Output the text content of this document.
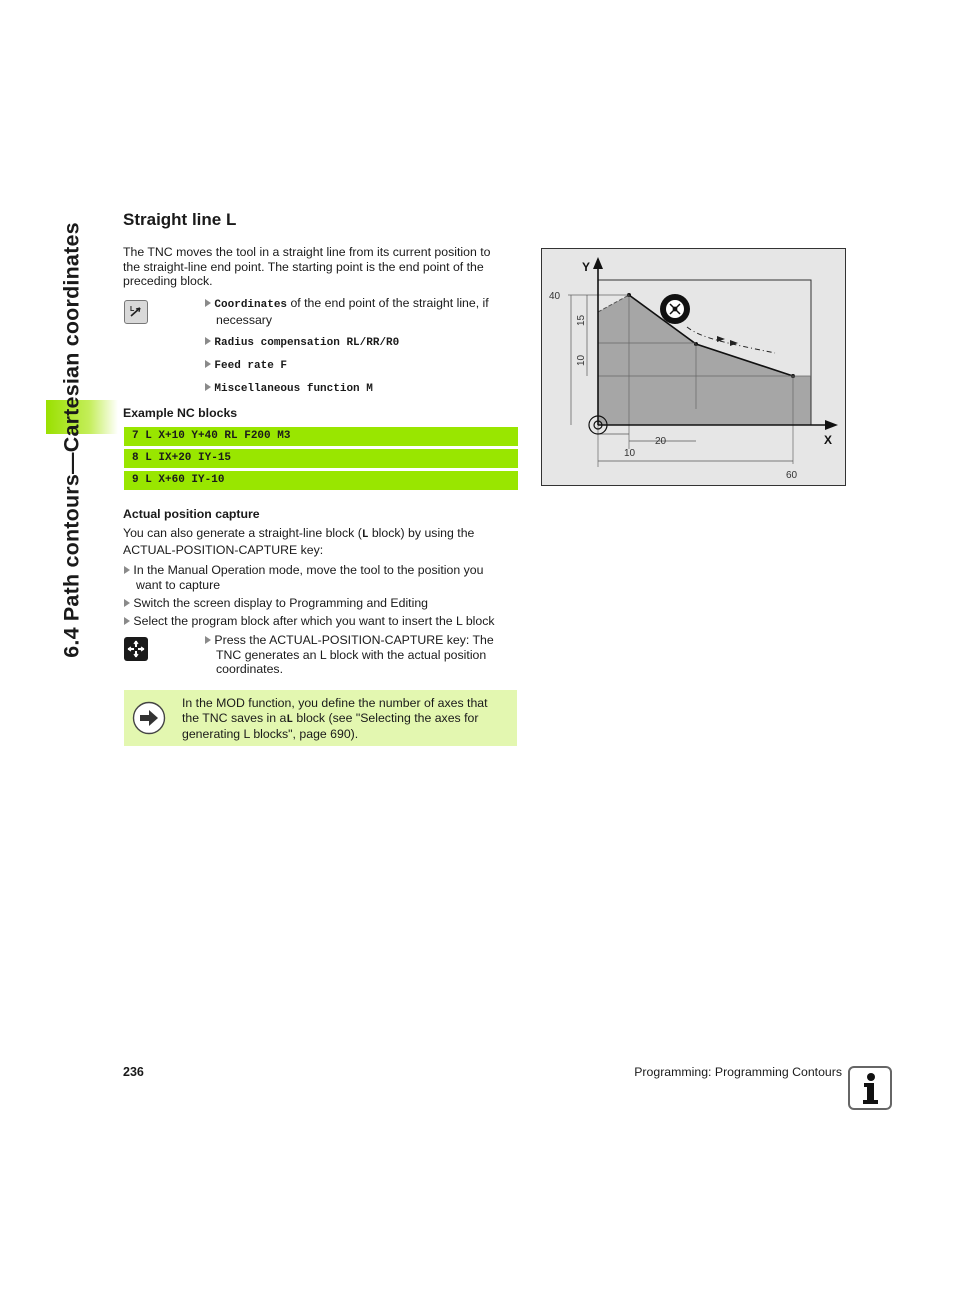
6.4 Path contours—Cartesian coordinates
Straight line L
The TNC moves the tool in a straight line from its current position to
the straight-line end point. The starting point is the end point of the
preceding block.
L	Coordinates of the end point of the straight line, if
necessary
Radius compensation RL/RR/R0
Feed rate F
Miscellaneous function M
Example NC blocks
7 L X+10 Y+40 RL F200 M3
8 L IX+20 IY-15
9 L X+60 IY-10
Actual position capture
You can also generate a straight-line block (L block) by using the
ACTUAL-POSITION-CAPTURE key:
In the Manual Operation mode, move the tool to the position you
want to capture
Switch the screen display to Programming and Editing
Select the program block after which you want to insert the L block
Press the ACTUAL-POSITION-CAPTURE key: The
TNC generates an L block with the actual position
coordinates.
In the MOD function, you define the number of axes that
the TNC saves in aL block (see "Selecting the axes for
generating L blocks", page 690).
Y
X
40
15
10
20
10
60
236	Programming: Programming Contours
